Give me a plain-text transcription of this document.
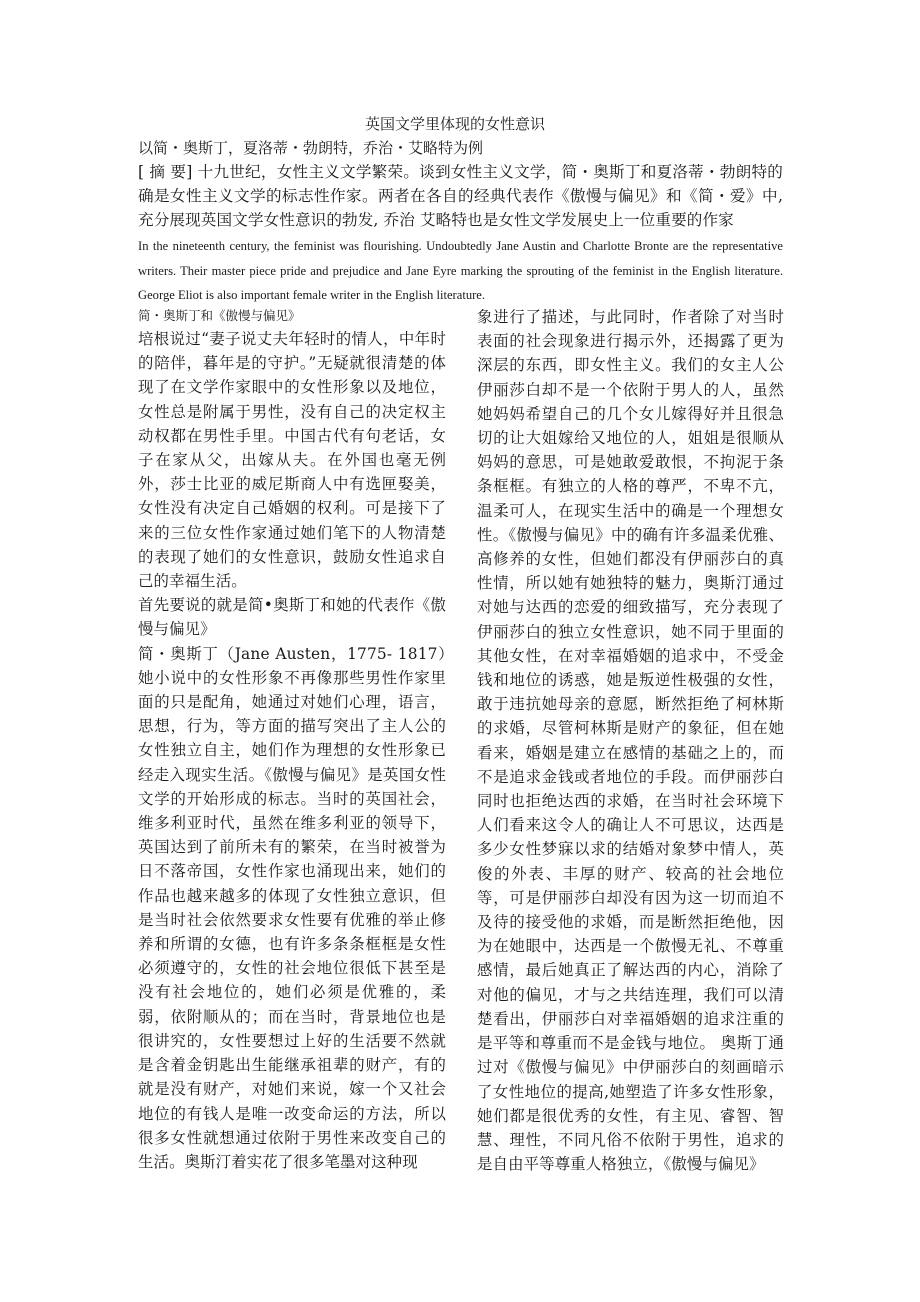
英国文学里体现的女性意识

以简・奥斯丁，夏洛蒂・勃朗特，乔治・艾略特为例

[ 摘 要] 十九世纪，女性主义文学繁荣。谈到女性主义文学，简・奥斯丁和夏洛蒂・勃朗特的确是女性主义文学的标志性作家。两者在各自的经典代表作《傲慢与偏见》和《简・爱》中,充分展现英国文学女性意识的勃发, 乔治 艾略特也是女性文学发展史上一位重要的作家

In the nineteenth century, the feminist was flourishing. Undoubtedly Jane Austin and Charlotte Bronte are the representative writers. Their master piece pride and prejudice and Jane Eyre marking the sprouting of the feminist in the English literature. George Eliot is also important female writer in the English literature.

简・奥斯丁和《傲慢与偏见》

培根说过“妻子说丈夫年轻时的情人，中年时的陪伴，暮年是的守护。”无疑就很清楚的体现了在文学作家眼中的女性形象以及地位，女性总是附属于男性，没有自己的决定权主动权都在男性手里。中国古代有句老话，女子在家从父，出嫁从夫。在外国也毫无例外，莎士比亚的威尼斯商人中有选匣娶美，女性没有决定自己婚姻的权利。可是接下了来的三位女性作家通过她们笔下的人物清楚的表现了她们的女性意识，鼓励女性追求自己的幸福生活。

首先要说的就是简•奥斯丁和她的代表作《傲慢与偏见》

简・奥斯丁（Jane Austen，1775- 1817）她小说中的女性形象不再像那些男性作家里面的只是配角，她通过对她们心理，语言，思想，行为，等方面的描写突出了主人公的女性独立自主，她们作为理想的女性形象已经走入现实生活。《傲慢与偏见》是英国女性文学的开始形成的标志。当时的英国社会，维多利亚时代，虽然在维多利亚的领导下，英国达到了前所未有的繁荣，在当时被誉为日不落帝国，女性作家也涌现出来，她们的作品也越来越多的体现了女性独立意识，但是当时社会依然要求女性要有优雅的举止修养和所谓的女德，也有许多条条框框是女性必须遵守的，女性的社会地位很低下甚至是没有社会地位的，她们必须是优雅的，柔弱，依附顺从的；而在当时，背景地位也是很讲究的，女性要想过上好的生活要不然就是含着金钥匙出生能继承祖辈的财产，有的就是没有财产，对她们来说，嫁一个又社会地位的有钱人是唯一改变命运的方法，所以很多女性就想通过依附于男性来改变自己的生活。奥斯汀着实花了很多笔墨对这种现

象进行了描述，与此同时，作者除了对当时表面的社会现象进行揭示外，还揭露了更为深层的东西，即女性主义。我们的女主人公伊丽莎白却不是一个依附于男人的人，虽然她妈妈希望自己的几个女儿嫁得好并且很急切的让大姐嫁给又地位的人，姐姐是很顺从妈妈的意思，可是她敢爱敢恨，不拘泥于条条框框。有独立的人格的尊严，不卑不亢，温柔可人，在现实生活中的确是一个理想女性。《傲慢与偏见》中的确有许多温柔优雅、高修养的女性，但她们都没有伊丽莎白的真性情，所以她有她独特的魅力，奥斯汀通过对她与达西的恋爱的细致描写，充分表现了伊丽莎白的独立女性意识，她不同于里面的其他女性，在对幸福婚姻的追求中，不受金钱和地位的诱惑，她是叛逆性极强的女性，敢于违抗她母亲的意愿，断然拒绝了柯林斯的求婚，尽管柯林斯是财产的象征，但在她看来，婚姻是建立在感情的基础之上的，而不是追求金钱或者地位的手段。而伊丽莎白同时也拒绝达西的求婚，在当时社会环境下人们看来这令人的确让人不可思议，达西是多少女性梦寐以求的结婚对象梦中情人，英俊的外表、丰厚的财产、较高的社会地位等，可是伊丽莎白却没有因为这一切而迫不及待的接受他的求婚，而是断然拒绝他，因为在她眼中，达西是一个傲慢无礼、不尊重感情，最后她真正了解达西的内心，消除了对他的偏见，才与之共结连理，我们可以清楚看出，伊丽莎白对幸福婚姻的追求注重的是平等和尊重而不是金钱与地位。 奥斯丁通过对《傲慢与偏见》中伊丽莎白的刻画暗示了女性地位的提高,她塑造了许多女性形象，她们都是很优秀的女性，有主见、睿智、智慧、理性，不同凡俗不依附于男性，追求的是自由平等尊重人格独立，《傲慢与偏见》
